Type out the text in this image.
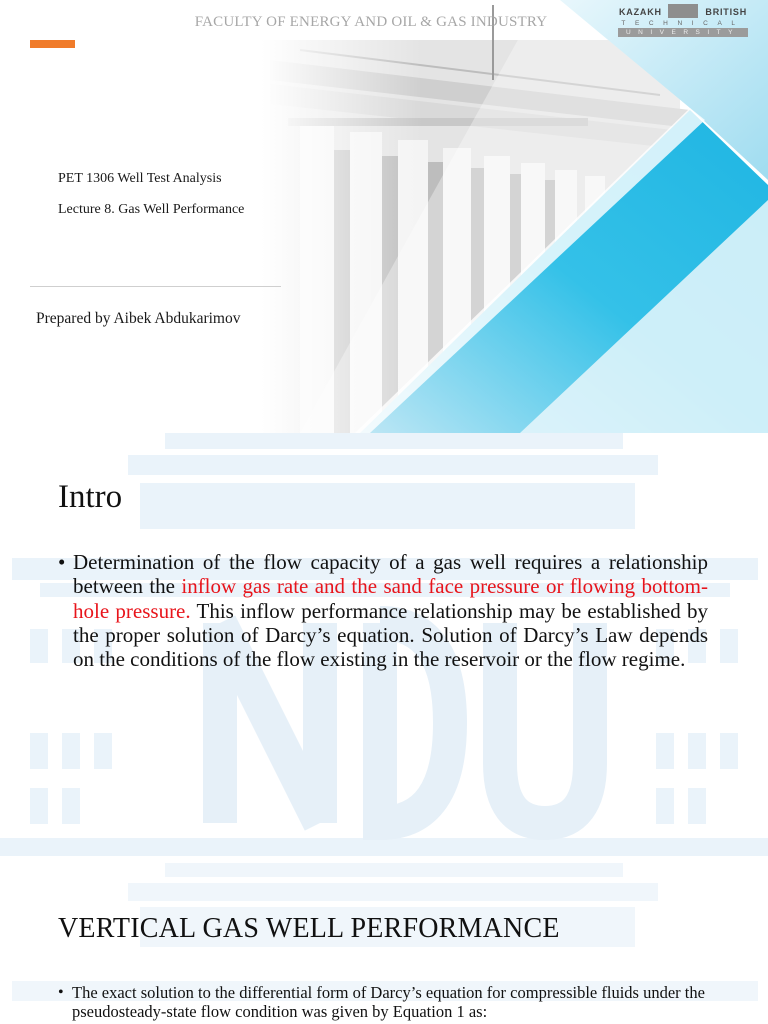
FACULTY OF ENERGY AND OIL & GAS INDUSTRY
KAZAKH	BRITISH
TECHNICAL
UNIVERSITY
PET 1306 Well Test Analysis
Lecture 8. Gas Well Performance
Prepared by Aibek Abdukarimov
Intro
• Determination of the flow capacity of a gas well requires a relationship between the inflow gas rate and the sand face pressure or flowing bottom-hole pressure. This inflow performance relationship may be established by the proper solution of Darcy’s equation. Solution of Darcy’s Law depends on the conditions of the flow existing in the reservoir or the flow regime.
VERTICAL GAS WELL PERFORMANCE
• The exact solution to the differential form of Darcy’s equation for compressible fluids under the pseudosteady-state flow condition was given by Equation 1 as:
